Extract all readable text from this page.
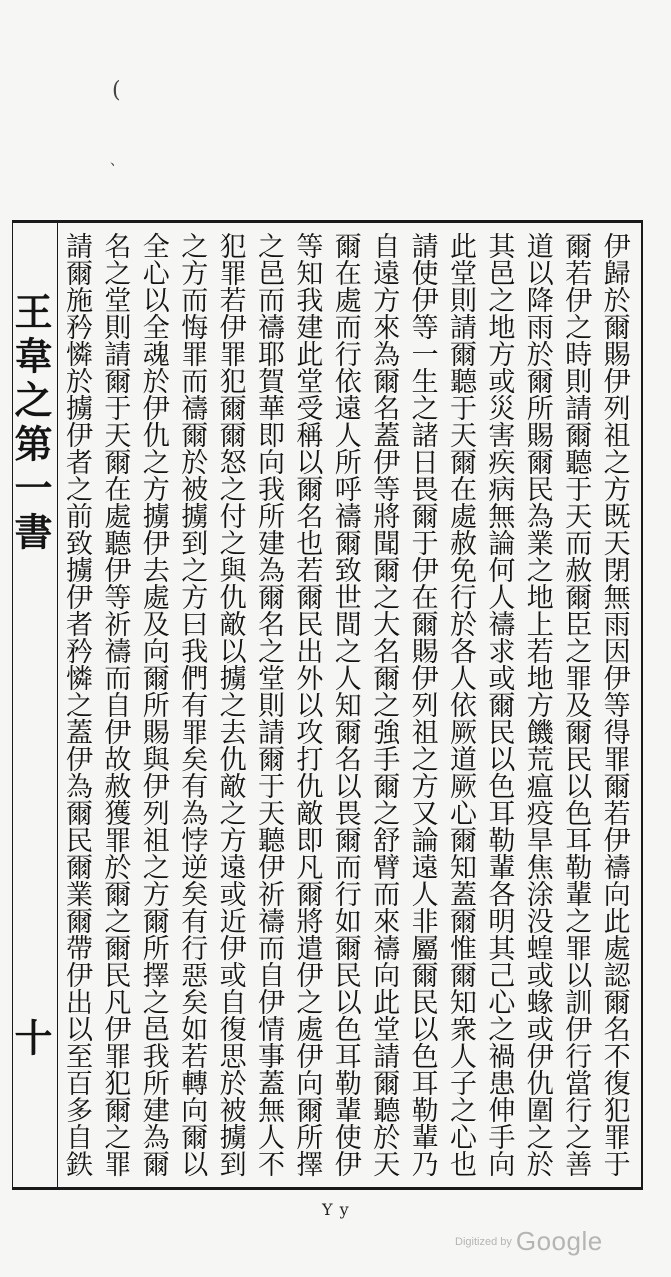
(
、
王韋之第一書
十	伊歸於爾賜伊列祖之方既天閉無雨因伊等得罪爾若伊禱向此處認爾名不復犯罪于
爾若伊之時則請爾聽于天而赦爾臣之罪及爾民以色耳勒輩之罪以訓伊行當行之善
道以降雨於爾所賜爾民為業之地上若地方饑荒瘟疫旱焦涂没蝗或蝝或伊仇圍之於
其邑之地方或災害疾病無論何人禱求或爾民以色耳勒輩各明其己心之禍患伸手向
此堂則請爾聽于天爾在處赦免行於各人依厥道厥心爾知蓋爾惟爾知衆人子之心也
請使伊等一生之諸日畏爾于伊在爾賜伊列祖之方又論遠人非屬爾民以色耳勒輩乃
自遠方來為爾名蓋伊等將聞爾之大名爾之強手爾之舒臂而來禱向此堂請爾聽於天
爾在處而行依遠人所呼禱爾致世間之人知爾名以畏爾而行如爾民以色耳勒輩使伊
等知我建此堂受稱以爾名也若爾民出外以攻打仇敵即凡爾將遣伊之處伊向爾所擇
之邑而禱耶賀華即向我所建為爾名之堂則請爾于天聽伊祈禱而自伊情事蓋無人不
犯罪若伊罪犯爾爾怒之付之與仇敵以擄之去仇敵之方遠或近伊或自復思於被擄到
之方而悔罪而禱爾於被擄到之方曰我們有罪矣有為悖逆矣有行惡矣如若轉向爾以
全心以全魂於伊仇之方擄伊去處及向爾所賜與伊列祖之方爾所擇之邑我所建為爾
名之堂則請爾于天爾在處聽伊等祈禱而自伊故赦獲罪於爾之爾民凡伊罪犯爾之罪
請爾施矜憐於擄伊者之前致擄伊者矜憐之蓋伊為爾民爾業爾帶伊出以至百多自鉄
Y y
Digitized by Google
